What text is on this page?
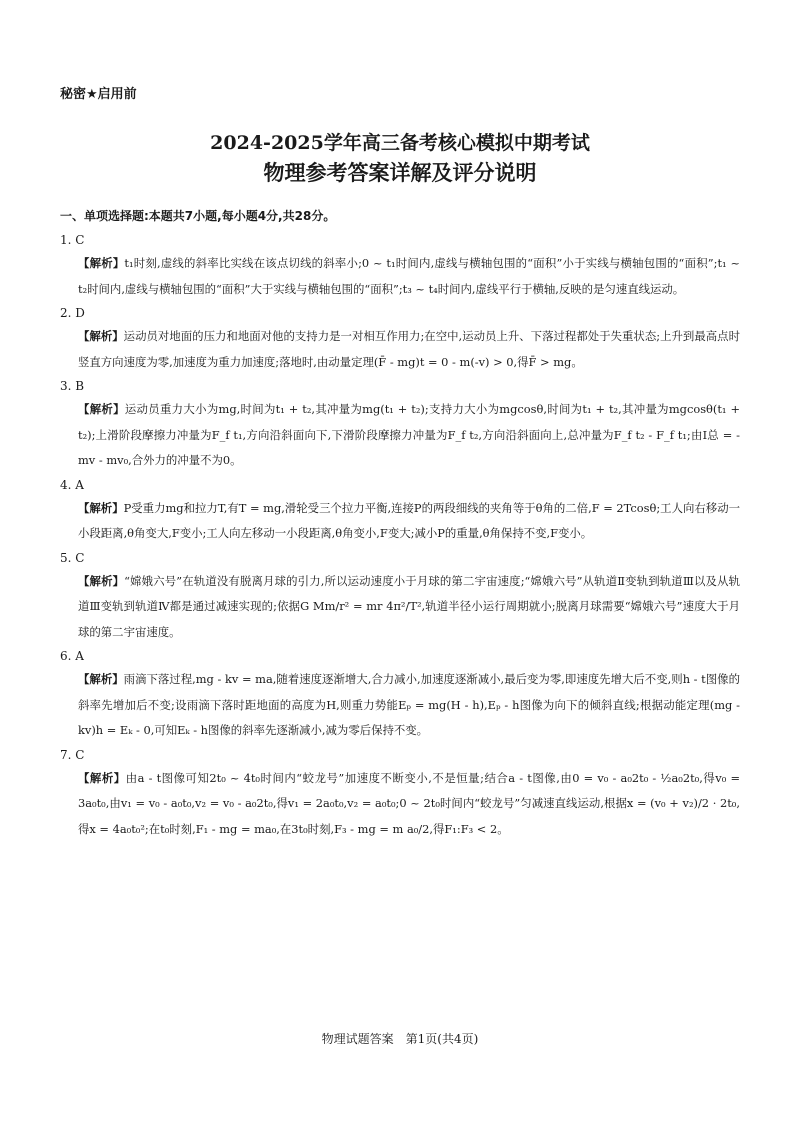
秘密★启用前
2024-2025学年高三备考核心模拟中期考试
物理参考答案详解及评分说明
一、单项选择题:本题共7小题,每小题4分,共28分。
1. C
【解析】t₁时刻,虚线的斜率比实线在该点切线的斜率小;0 ~ t₁时间内,虚线与横轴包围的“面积”小于实线与横轴包围的“面积”;t₁ ~ t₂时间内,虚线与横轴包围的“面积”大于实线与横轴包围的“面积”;t₃ ~ t₄时间内,虚线平行于横轴,反映的是匀速直线运动。
2. D
【解析】运动员对地面的压力和地面对他的支持力是一对相互作用力;在空中,运动员上升、下落过程都处于失重状态;上升到最高点时竖直方向速度为零,加速度为重力加速度;落地时,由动量定理(F̄ - mg)t = 0 - m(-v) > 0,得F̄ > mg。
3. B
【解析】运动员重力大小为mg,时间为t₁ + t₂,其冲量为mg(t₁ + t₂);支持力大小为mgcosθ,时间为t₁ + t₂,其冲量为mgcosθ(t₁ + t₂);上滑阶段摩擦力冲量为F_f t₁,方向沿斜面向下,下滑阶段摩擦力冲量为F_f t₂,方向沿斜面向上,总冲量为F_f t₂ - F_f t₁;由I总 = -mv - mv₀,合外力的冲量不为0。
4. A
【解析】P受重力mg和拉力T,有T = mg,滑轮受三个拉力平衡,连接P的两段细线的夹角等于θ角的二倍,F = 2Tcosθ;工人向右移动一小段距离,θ角变大,F变小;工人向左移动一小段距离,θ角变小,F变大;减小P的重量,θ角保持不变,F变小。
5. C
【解析】“嫦娥六号”在轨道没有脱离月球的引力,所以运动速度小于月球的第二宇宙速度;“嫦娥六号”从轨道Ⅱ变轨到轨道Ⅲ以及从轨道Ⅲ变轨到轨道Ⅳ都是通过减速实现的;依据G Mm/r² = mr 4π²/T²,轨道半径小运行周期就小;脱离月球需要“嫦娥六号”速度大于月球的第二宇宙速度。
6. A
【解析】雨滴下落过程,mg - kv = ma,随着速度逐渐增大,合力减小,加速度逐渐减小,最后变为零,即速度先增大后不变,则h - t图像的斜率先增加后不变;设雨滴下落时距地面的高度为H,则重力势能Eₚ = mg(H - h),Eₚ - h图像为向下的倾斜直线;根据动能定理(mg - kv)h = Eₖ - 0,可知Eₖ - h图像的斜率先逐渐减小,减为零后保持不变。
7. C
【解析】由a - t图像可知2t₀ ~ 4t₀时间内“蛟龙号”加速度不断变小,不是恒量;结合a - t图像,由0 = v₀ - a₀2t₀ - ½a₀2t₀,得v₀ = 3a₀t₀,由v₁ = v₀ - a₀t₀,v₂ = v₀ - a₀2t₀,得v₁ = 2a₀t₀,v₂ = a₀t₀;0 ~ 2t₀时间内“蛟龙号”匀减速直线运动,根据x = (v₀ + v₂)/2 · 2t₀,得x = 4a₀t₀²;在t₀时刻,F₁ - mg = ma₀,在3t₀时刻,F₃ - mg = m a₀/2,得F₁:F₃ < 2。
物理试题答案　第1页(共4页)
